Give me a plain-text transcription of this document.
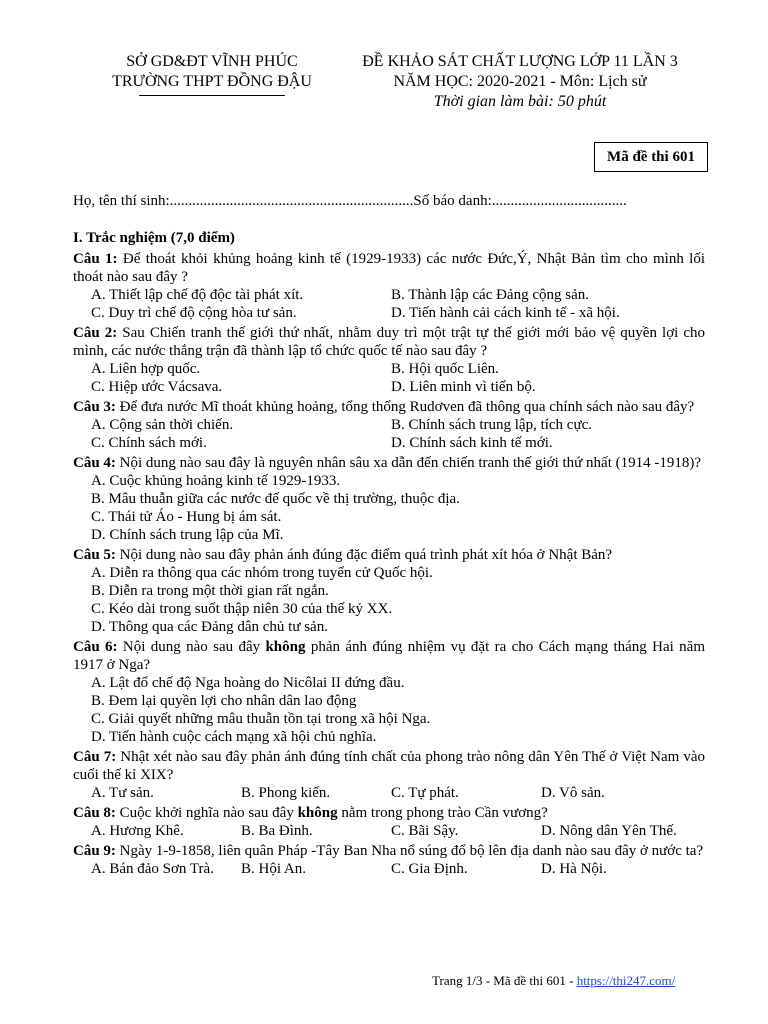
SỞ GD&ĐT VĨNH PHÚC
TRƯỜNG THPT ĐỒNG ĐẬU
ĐỀ KHẢO SÁT CHẤT LƯỢNG LỚP 11 LẦN 3
NĂM HỌC: 2020-2021 - Môn: Lịch sử
Thời gian làm bài: 50 phút
Mã đề thi 601
Họ, tên thí sinh:.................................................................Số báo danh:....................................
I. Trắc nghiệm (7,0 điểm)
Câu 1: Để thoát khỏi khủng hoảng kinh tế (1929-1933) các nước Đức,Ý, Nhật Bản tìm cho mình lối thoát nào sau đây ?
A. Thiết lập chế độ độc tài phát xít.	B. Thành lập các Đảng cộng sản.
C. Duy trì chế độ cộng hòa tư sản.	D. Tiến hành cải cách kinh tế - xã hội.
Câu 2: Sau Chiến tranh thế giới thứ nhất, nhằm duy trì một trật tự thế giới mới bảo vệ quyền lợi cho mình, các nước thắng trận đã thành lập tổ chức quốc tế nào sau đây ?
A. Liên hợp quốc.	B. Hội quốc Liên.
C. Hiệp ước Vácsava.	D. Liên minh vì tiến bộ.
Câu 3: Để đưa nước Mĩ thoát khủng hoảng, tổng thống Rudơven đã thông qua chính sách nào sau đây?
A. Cộng sản thời chiến.	B. Chính sách trung lập, tích cực.
C. Chính sách mới.	D. Chính sách kinh tế mới.
Câu 4: Nội dung nào sau đây là nguyên nhân sâu xa dẫn đến chiến tranh thế giới thứ nhất (1914 -1918)?
A. Cuộc khủng hoảng kinh tế 1929-1933.
B. Mâu thuẫn giữa các nước đế quốc về thị trường, thuộc địa.
C. Thái tử Áo - Hung bị ám sát.
D. Chính sách trung lập của Mĩ.
Câu 5: Nội dung nào sau đây phản ánh đúng đặc điểm quá trình phát xít hóa ở Nhật Bản?
A. Diễn ra thông qua các nhóm trong tuyển cử Quốc hội.
B. Diễn ra trong một thời gian rất ngắn.
C. Kéo dài trong suốt thập niên 30 của thế kỷ XX.
D. Thông qua các Đảng dân chủ tư sản.
Câu 6: Nội dung nào sau đây không phản ánh đúng nhiệm vụ đặt ra cho Cách mạng tháng Hai năm 1917 ở Nga?
A. Lật đổ chế độ Nga hoàng do Nicôlai II đứng đầu.
B. Đem lại quyền lợi cho nhân dân lao động
C. Giải quyết những mâu thuẫn tồn tại trong xã hội Nga.
D. Tiến hành cuộc cách mạng xã hội chủ nghĩa.
Câu 7: Nhật xét nào sau đây phản ánh đúng tính chất của phong trào nông dân Yên Thế ở Việt Nam vào cuối thế kỉ XIX?
A. Tư sản.	B. Phong kiến.	C. Tự phát.	D. Vô sản.
Câu 8: Cuộc khởi nghĩa nào sau đây không nằm trong phong trào Cần vương?
A. Hương Khê.	B. Ba Đình.	C. Bãi Sậy.	D. Nông dân Yên Thế.
Câu 9: Ngày 1-9-1858, liên quân Pháp -Tây Ban Nha nổ súng đổ bộ lên địa danh nào sau đây ở nước ta?
A. Bán đảo Sơn Trà.	B. Hội An.	C. Gia Định.	D. Hà Nội.
Trang 1/3 - Mã đề thi 601 - https://thi247.com/
